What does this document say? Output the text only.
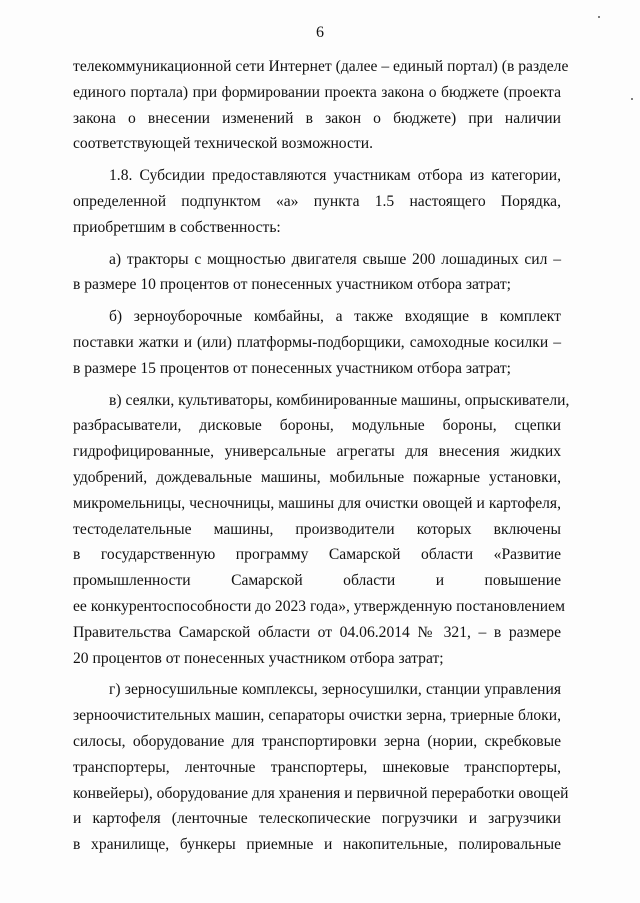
6
телекоммуникационной сети Интернет (далее – единый портал) (в разделе
единого портала) при формировании проекта закона о бюджете (проекта
закона о внесении изменений в закон о бюджете) при наличии
соответствующей технической возможности.
1.8. Субсидии предоставляются участникам отбора из категории,
определенной подпунктом «а» пункта 1.5 настоящего Порядка,
приобретшим в собственность:
а) тракторы с мощностью двигателя свыше 200 лошадиных сил –
в размере 10 процентов от понесенных участником отбора затрат;
б) зерноуборочные комбайны, а также входящие в комплект
поставки жатки и (или) платформы-подборщики, самоходные косилки –
в размере 15 процентов от понесенных участником отбора затрат;
в) сеялки, культиваторы, комбинированные машины, опрыскиватели,
разбрасыватели, дисковые бороны, модульные бороны, сцепки
гидрофицированные, универсальные агрегаты для внесения жидких
удобрений, дождевальные машины, мобильные пожарные установки,
микромельницы, чесночницы, машины для очистки овощей и картофеля,
тестоделательные машины, производители которых включены
в государственную программу Самарской области «Развитие
промышленности Самарской области и повышение
ее конкурентоспособности до 2023 года», утвержденную постановлением
Правительства Самарской области от 04.06.2014 № 321, – в размере
20 процентов от понесенных участником отбора затрат;
г) зерносушильные комплексы, зерносушилки, станции управления
зерноочистительных машин, сепараторы очистки зерна, триерные блоки,
силосы, оборудование для транспортировки зерна (нории, скребковые
транспортеры, ленточные транспортеры, шнековые транспортеры,
конвейеры), оборудование для хранения и первичной переработки овощей
и картофеля (ленточные телескопические погрузчики и загрузчики
в хранилище, бункеры приемные и накопительные, полировальные
